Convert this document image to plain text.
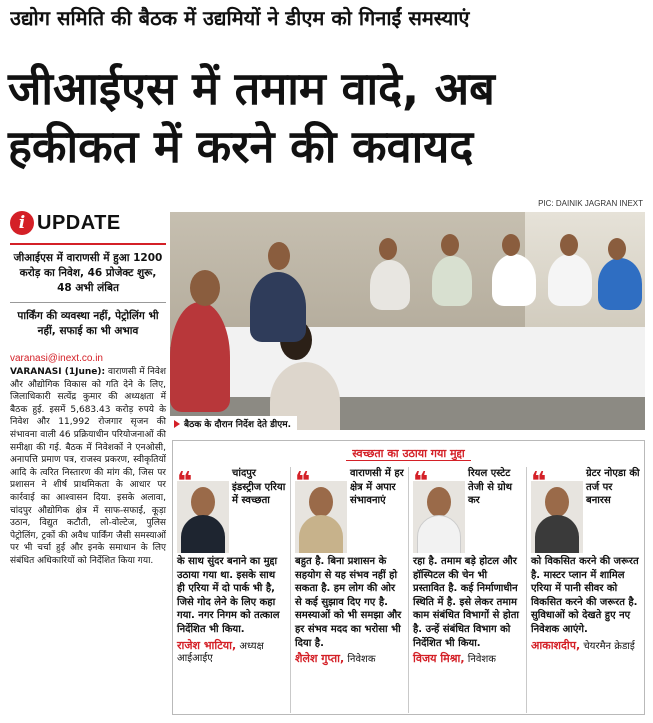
उद्योग समिति की बैठक में उद्यमियों ने डीएम को गिनाईं समस्याएं
जीआईएस में तमाम वादे, अब
हकीकत में करने की कवायद
PIC: DAINIK JAGRAN INEXT
i UPDATE
जीआईएस में वाराणसी में हुआ 1200 करोड़ का निवेश, 46 प्रोजेक्ट शुरू, 48 अभी लंबित
पार्किंग की व्यवस्था नहीं, पेट्रोलिंग भी नहीं, सफाई का भी अभाव
varanasi@inext.co.in
VARANASI (1June): वाराणसी में निवेश और औद्योगिक विकास को गति देने के लिए, जिलाधिकारी सत्येंद्र कुमार की अध्यक्षता में बैठक हुई. इसमें 5,683.43 करोड़ रुपये के निवेश और 11,992 रोजगार सृजन की संभावना वाली 46 प्रक्रियाधीन परियोजनाओं की समीक्षा की गई. बैठक में निवेशकों ने एनओसी, अनापत्ति प्रमाण पत्र, राजस्व प्रकरण, स्वीकृतियों आदि के त्वरित निस्तारण की मांग की, जिस पर प्रशासन ने शीर्ष प्राथमिकता के आधार पर कार्रवाई का आश्वासन दिया. इसके अलावा, चांदपुर औद्योगिक क्षेत्र में साफ-सफाई, कूड़ा उठान, विद्युत कटौती, लो-वोल्टेज, पुलिस पेट्रोलिंग, ट्रकों की अवैध पार्किंग जैसी समस्याओं पर भी चर्चा हुई और इनके समाधान के लिए संबंधित अधिकारियों को निर्देशित किया गया.
बैठक के दौरान निर्देश देते डीएम.
स्वच्छता का उठाया गया मुद्दा
चांदपुर इंडस्ट्रीज एरिया में स्वच्छता
के साथ सुंदर बनाने का मुद्दा उठाया गया था. इसके साथ ही एरिया में दो पार्क भी है, जिसे गोद लेने के लिए कहा गया. नगर निगम को तत्काल निर्देशित भी किया.
राजेश भाटिया, अध्यक्ष आईआईए
वाराणसी में हर क्षेत्र में अपार संभावनाएं
बहुत है. बिना प्रशासन के सहयोग से यह संभव नहीं हो सकता है. हम लोग की ओर से कई सुझाव दिए गए है. समस्याओं को भी समझा और हर संभव मदद का भरोसा भी दिया है.
शैलेश गुप्ता, निवेशक
रियल एस्टेट तेजी से ग्रोथ कर
रहा है. तमाम बड़े होटल और हॉस्पिटल की चेन भी प्रस्तावित है. कई निर्माणाधीन स्थिति में है. इसे लेकर तमाम काम संबंधित विभागों से होता है. उन्हें संबंधित विभाग को निर्देशित भी किया.
विजय मिश्रा, निवेशक
ग्रेटर नोएडा की तर्ज पर बनारस
को विकसित करने की जरूरत है. मास्टर प्लान में शामिल एरिया में पानी सीवर को विकसित करने की जरूरत है. सुविधाओं को देखते हुए नए निवेशक आएंगे.
आकाशदीप, चेयरमैन क्रेडाई
